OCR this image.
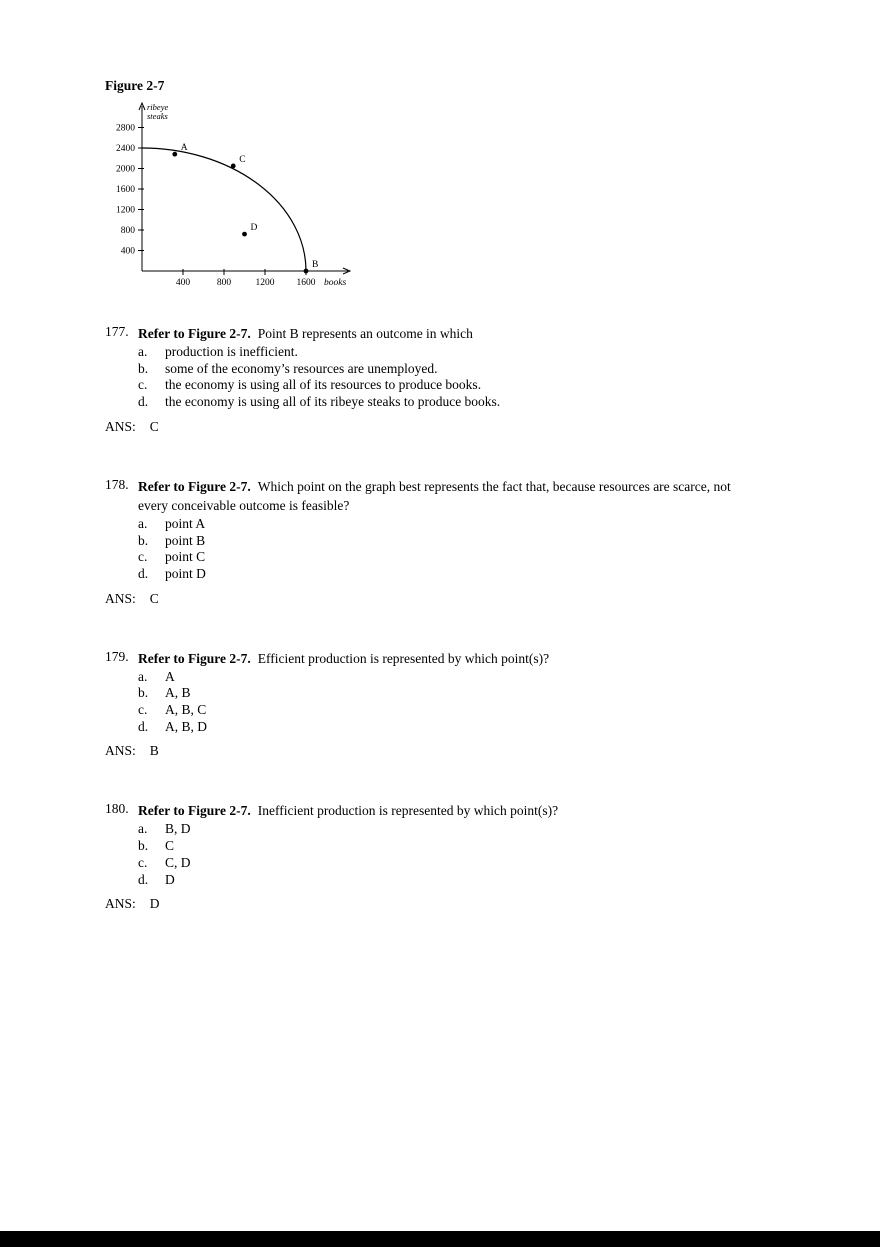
Figure 2-7
400
800
1200
1600
2000
2400
2800
400	800	1200 1600
ribeye
steaks
books
A
C
D
B
177. Refer to Figure 2-7. Point B represents an outcome in which
a.	production is inefficient.
b.	some of the economy’s resources are unemployed.
c.	the economy is using all of its resources to produce books.
d.	the economy is using all of its ribeye steaks to produce books.
ANS: C
178. Refer to Figure 2-7. Which point on the graph best represents the fact that, because resources are scarce, not every conceivable outcome is feasible?
a.	point A
b.	point B
c.	point C
d.	point D
ANS: C
179. Refer to Figure 2-7. Efficient production is represented by which point(s)?
a.	A
b.	A, B
c.	A, B, C
d.	A, B, D
ANS: B
180. Refer to Figure 2-7. Inefficient production is represented by which point(s)?
a.	B, D
b.	C
c.	C, D
d.	D
ANS: D
